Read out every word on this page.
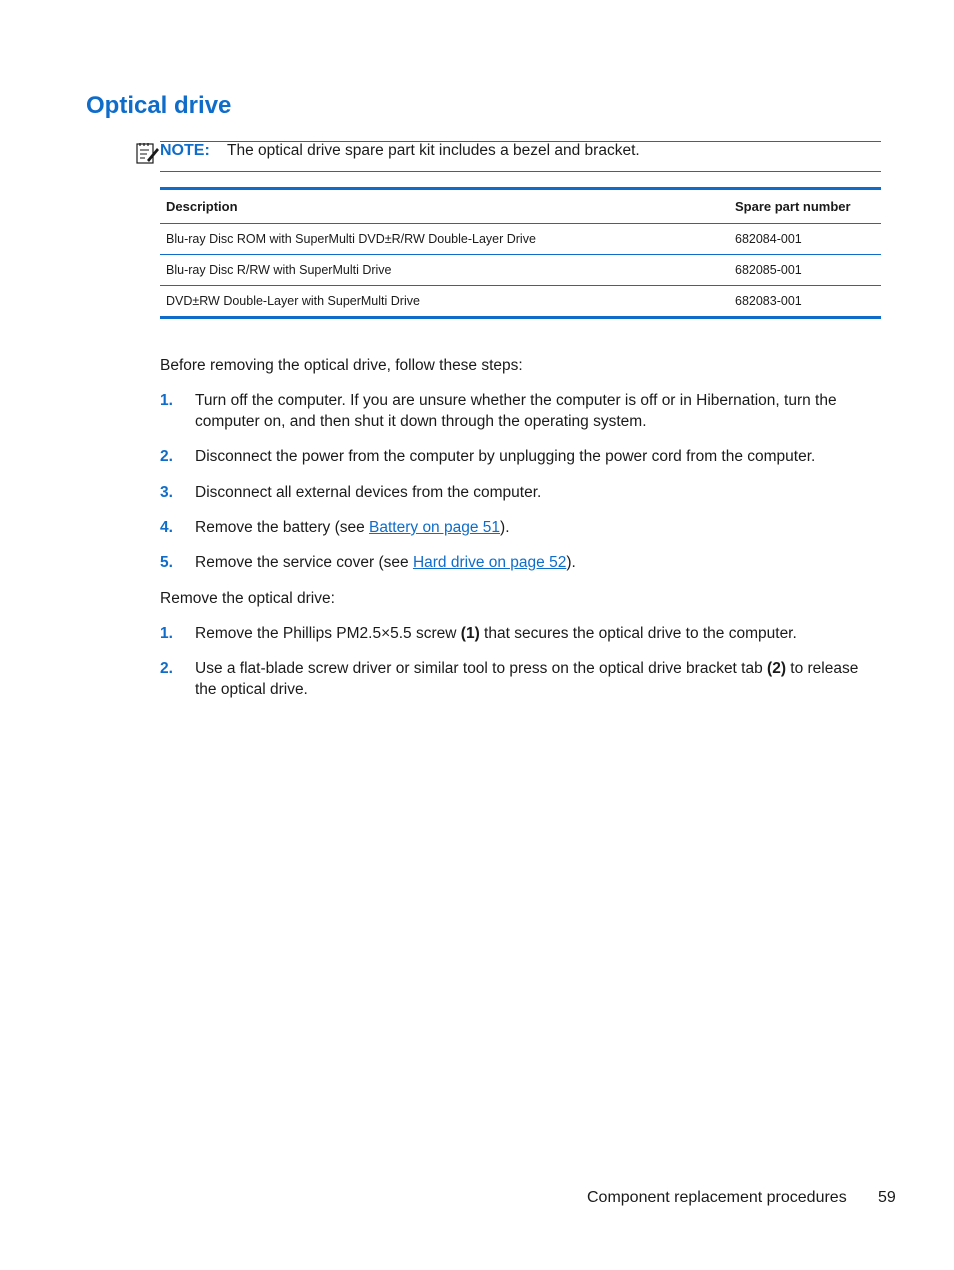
Optical drive
NOTE: The optical drive spare part kit includes a bezel and bracket.
Description	Spare part number
Blu-ray Disc ROM with SuperMulti DVD±R/RW Double-Layer Drive	682084-001
Blu-ray Disc R/RW with SuperMulti Drive	682085-001
DVD±RW Double-Layer with SuperMulti Drive	682083-001

Before removing the optical drive, follow these steps:

1. Turn off the computer. If you are unsure whether the computer is off or in Hibernation, turn the computer on, and then shut it down through the operating system.
2. Disconnect the power from the computer by unplugging the power cord from the computer.
3. Disconnect all external devices from the computer.
4. Remove the battery (see Battery on page 51).
5. Remove the service cover (see Hard drive on page 52).

Remove the optical drive:

1. Remove the Phillips PM2.5×5.5 screw (1) that secures the optical drive to the computer.
2. Use a flat-blade screw driver or similar tool to press on the optical drive bracket tab (2) to release the optical drive.
Component replacement procedures 59
